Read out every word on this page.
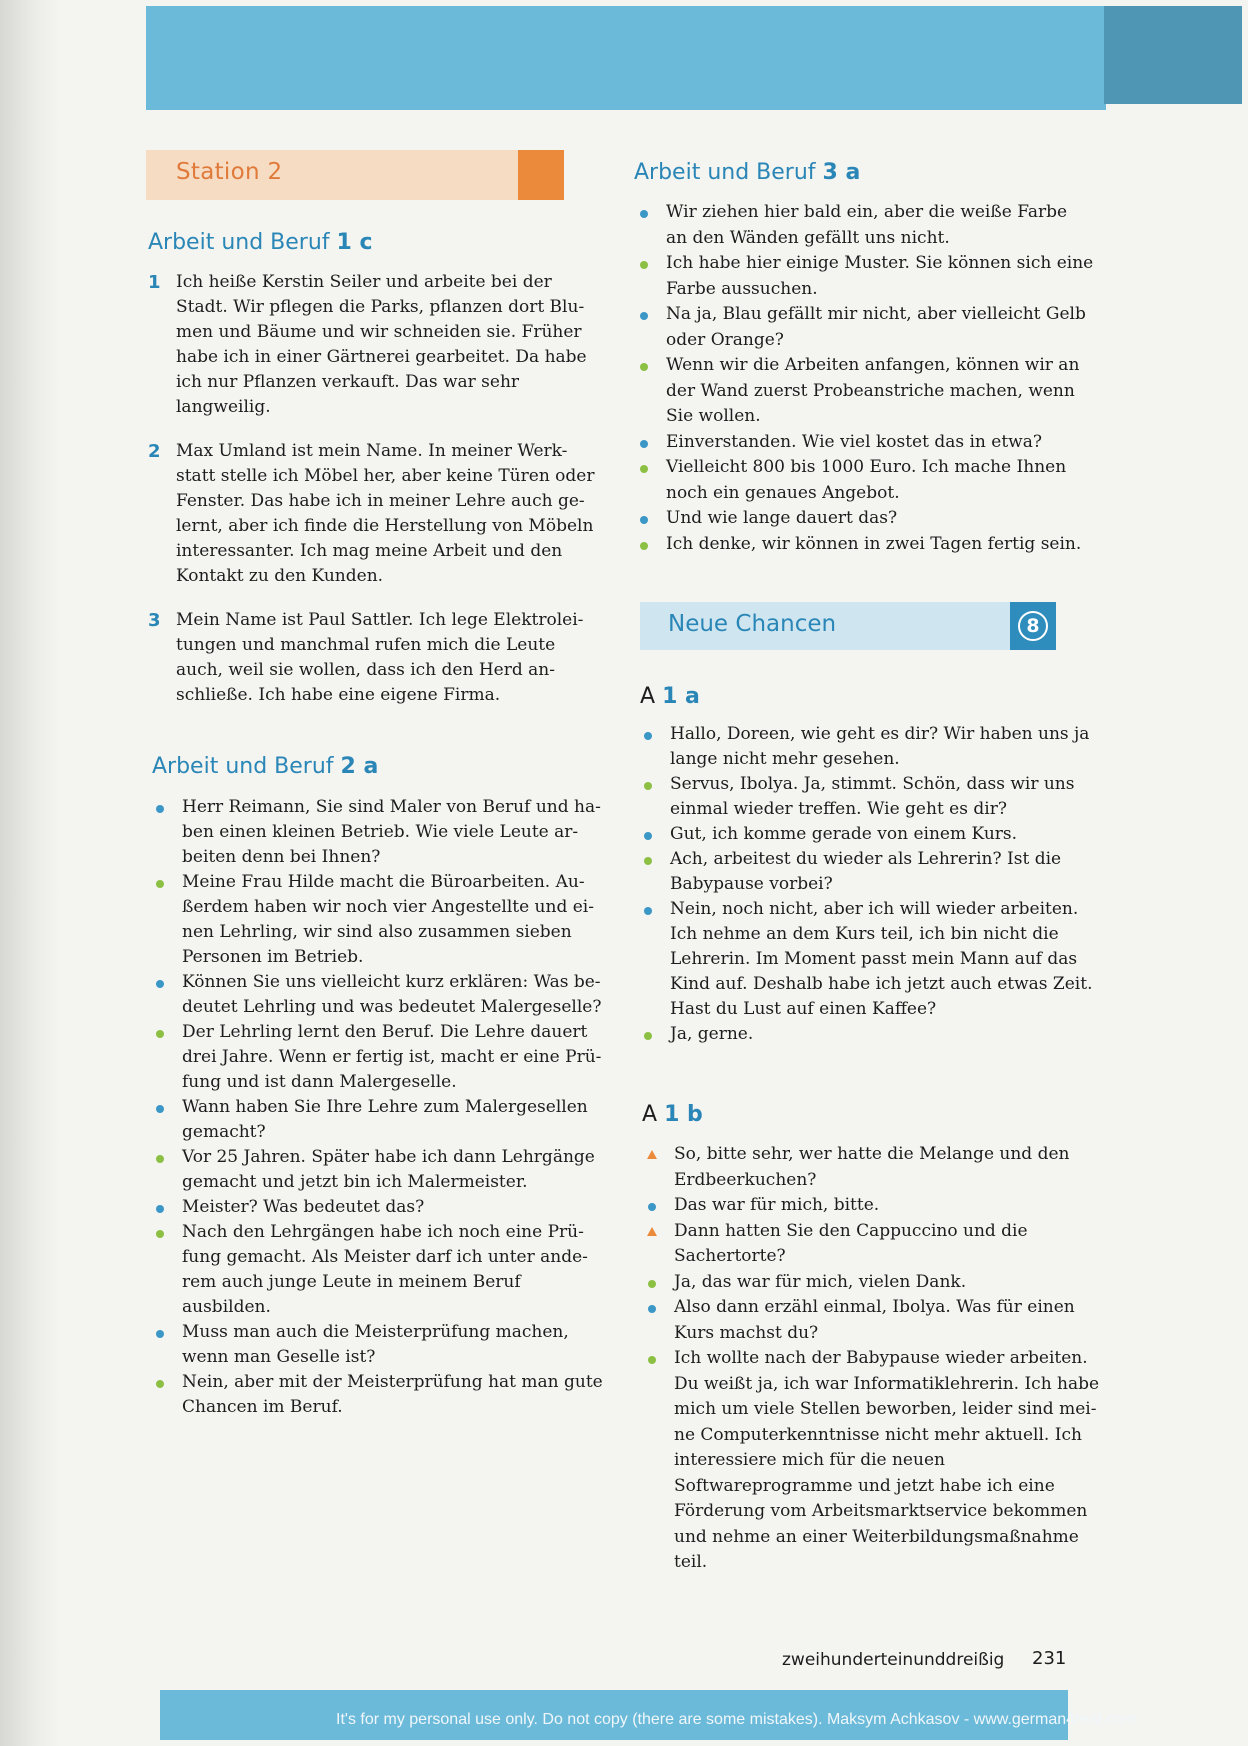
Station 2
Arbeit und Beruf 1 c
1 Ich heiße Kerstin Seiler und arbeite bei der
Stadt. Wir pflegen die Parks, pflanzen dort Blu-
men und Bäume und wir schneiden sie. Früher
habe ich in einer Gärtnerei gearbeitet. Da habe
ich nur Pflanzen verkauft. Das war sehr
langweilig.
2 Max Umland ist mein Name. In meiner Werk-
statt stelle ich Möbel her, aber keine Türen oder
Fenster. Das habe ich in meiner Lehre auch ge-
lernt, aber ich finde die Herstellung von Möbeln
interessanter. Ich mag meine Arbeit und den
Kontakt zu den Kunden.
3 Mein Name ist Paul Sattler. Ich lege Elektrolei-
tungen und manchmal rufen mich die Leute
auch, weil sie wollen, dass ich den Herd an-
schließe. Ich habe eine eigene Firma.
Arbeit und Beruf 2 a
Herr Reimann, Sie sind Maler von Beruf und ha-
ben einen kleinen Betrieb. Wie viele Leute ar-
beiten denn bei Ihnen?
Meine Frau Hilde macht die Büroarbeiten. Au-
ßerdem haben wir noch vier Angestellte und ei-
nen Lehrling, wir sind also zusammen sieben
Personen im Betrieb.
Können Sie uns vielleicht kurz erklären: Was be-
deutet Lehrling und was bedeutet Malergeselle?
Der Lehrling lernt den Beruf. Die Lehre dauert
drei Jahre. Wenn er fertig ist, macht er eine Prü-
fung und ist dann Malergeselle.
Wann haben Sie Ihre Lehre zum Malergesellen
gemacht?
Vor 25 Jahren. Später habe ich dann Lehrgänge
gemacht und jetzt bin ich Malermeister.
Meister? Was bedeutet das?
Nach den Lehrgängen habe ich noch eine Prü-
fung gemacht. Als Meister darf ich unter ande-
rem auch junge Leute in meinem Beruf
ausbilden.
Muss man auch die Meisterprüfung machen,
wenn man Geselle ist?
Nein, aber mit der Meisterprüfung hat man gute
Chancen im Beruf.
Arbeit und Beruf 3 a
Wir ziehen hier bald ein, aber die weiße Farbe
an den Wänden gefällt uns nicht.
Ich habe hier einige Muster. Sie können sich eine
Farbe aussuchen.
Na ja, Blau gefällt mir nicht, aber vielleicht Gelb
oder Orange?
Wenn wir die Arbeiten anfangen, können wir an
der Wand zuerst Probeanstriche machen, wenn
Sie wollen.
Einverstanden. Wie viel kostet das in etwa?
Vielleicht 800 bis 1000 Euro. Ich mache Ihnen
noch ein genaues Angebot.
Und wie lange dauert das?
Ich denke, wir können in zwei Tagen fertig sein.
Neue Chancen	8
A 1 a
Hallo, Doreen, wie geht es dir? Wir haben uns ja
lange nicht mehr gesehen.
Servus, Ibolya. Ja, stimmt. Schön, dass wir uns
einmal wieder treffen. Wie geht es dir?
Gut, ich komme gerade von einem Kurs.
Ach, arbeitest du wieder als Lehrerin? Ist die
Babypause vorbei?
Nein, noch nicht, aber ich will wieder arbeiten.
Ich nehme an dem Kurs teil, ich bin nicht die
Lehrerin. Im Moment passt mein Mann auf das
Kind auf. Deshalb habe ich jetzt auch etwas Zeit.
Hast du Lust auf einen Kaffee?
Ja, gerne.
A 1 b
So, bitte sehr, wer hatte die Melange und den
Erdbeerkuchen?
Das war für mich, bitte.
Dann hatten Sie den Cappuccino und die
Sachertorte?
Ja, das war für mich, vielen Dank.
Also dann erzähl einmal, Ibolya. Was für einen
Kurs machst du?
Ich wollte nach der Babypause wieder arbeiten.
Du weißt ja, ich war Informatiklehrerin. Ich habe
mich um viele Stellen beworben, leider sind mei-
ne Computerkenntnisse nicht mehr aktuell. Ich
interessiere mich für die neuen
Softwareprogramme und jetzt habe ich eine
Förderung vom Arbeitsmarktservice bekommen
und nehme an einer Weiterbildungsmaßnahme
teil.
zweihunderteinunddreißig 231
It's for my personal use only. Do not copy (there are some mistakes). Maksym Achkasov - www.german4real.com
